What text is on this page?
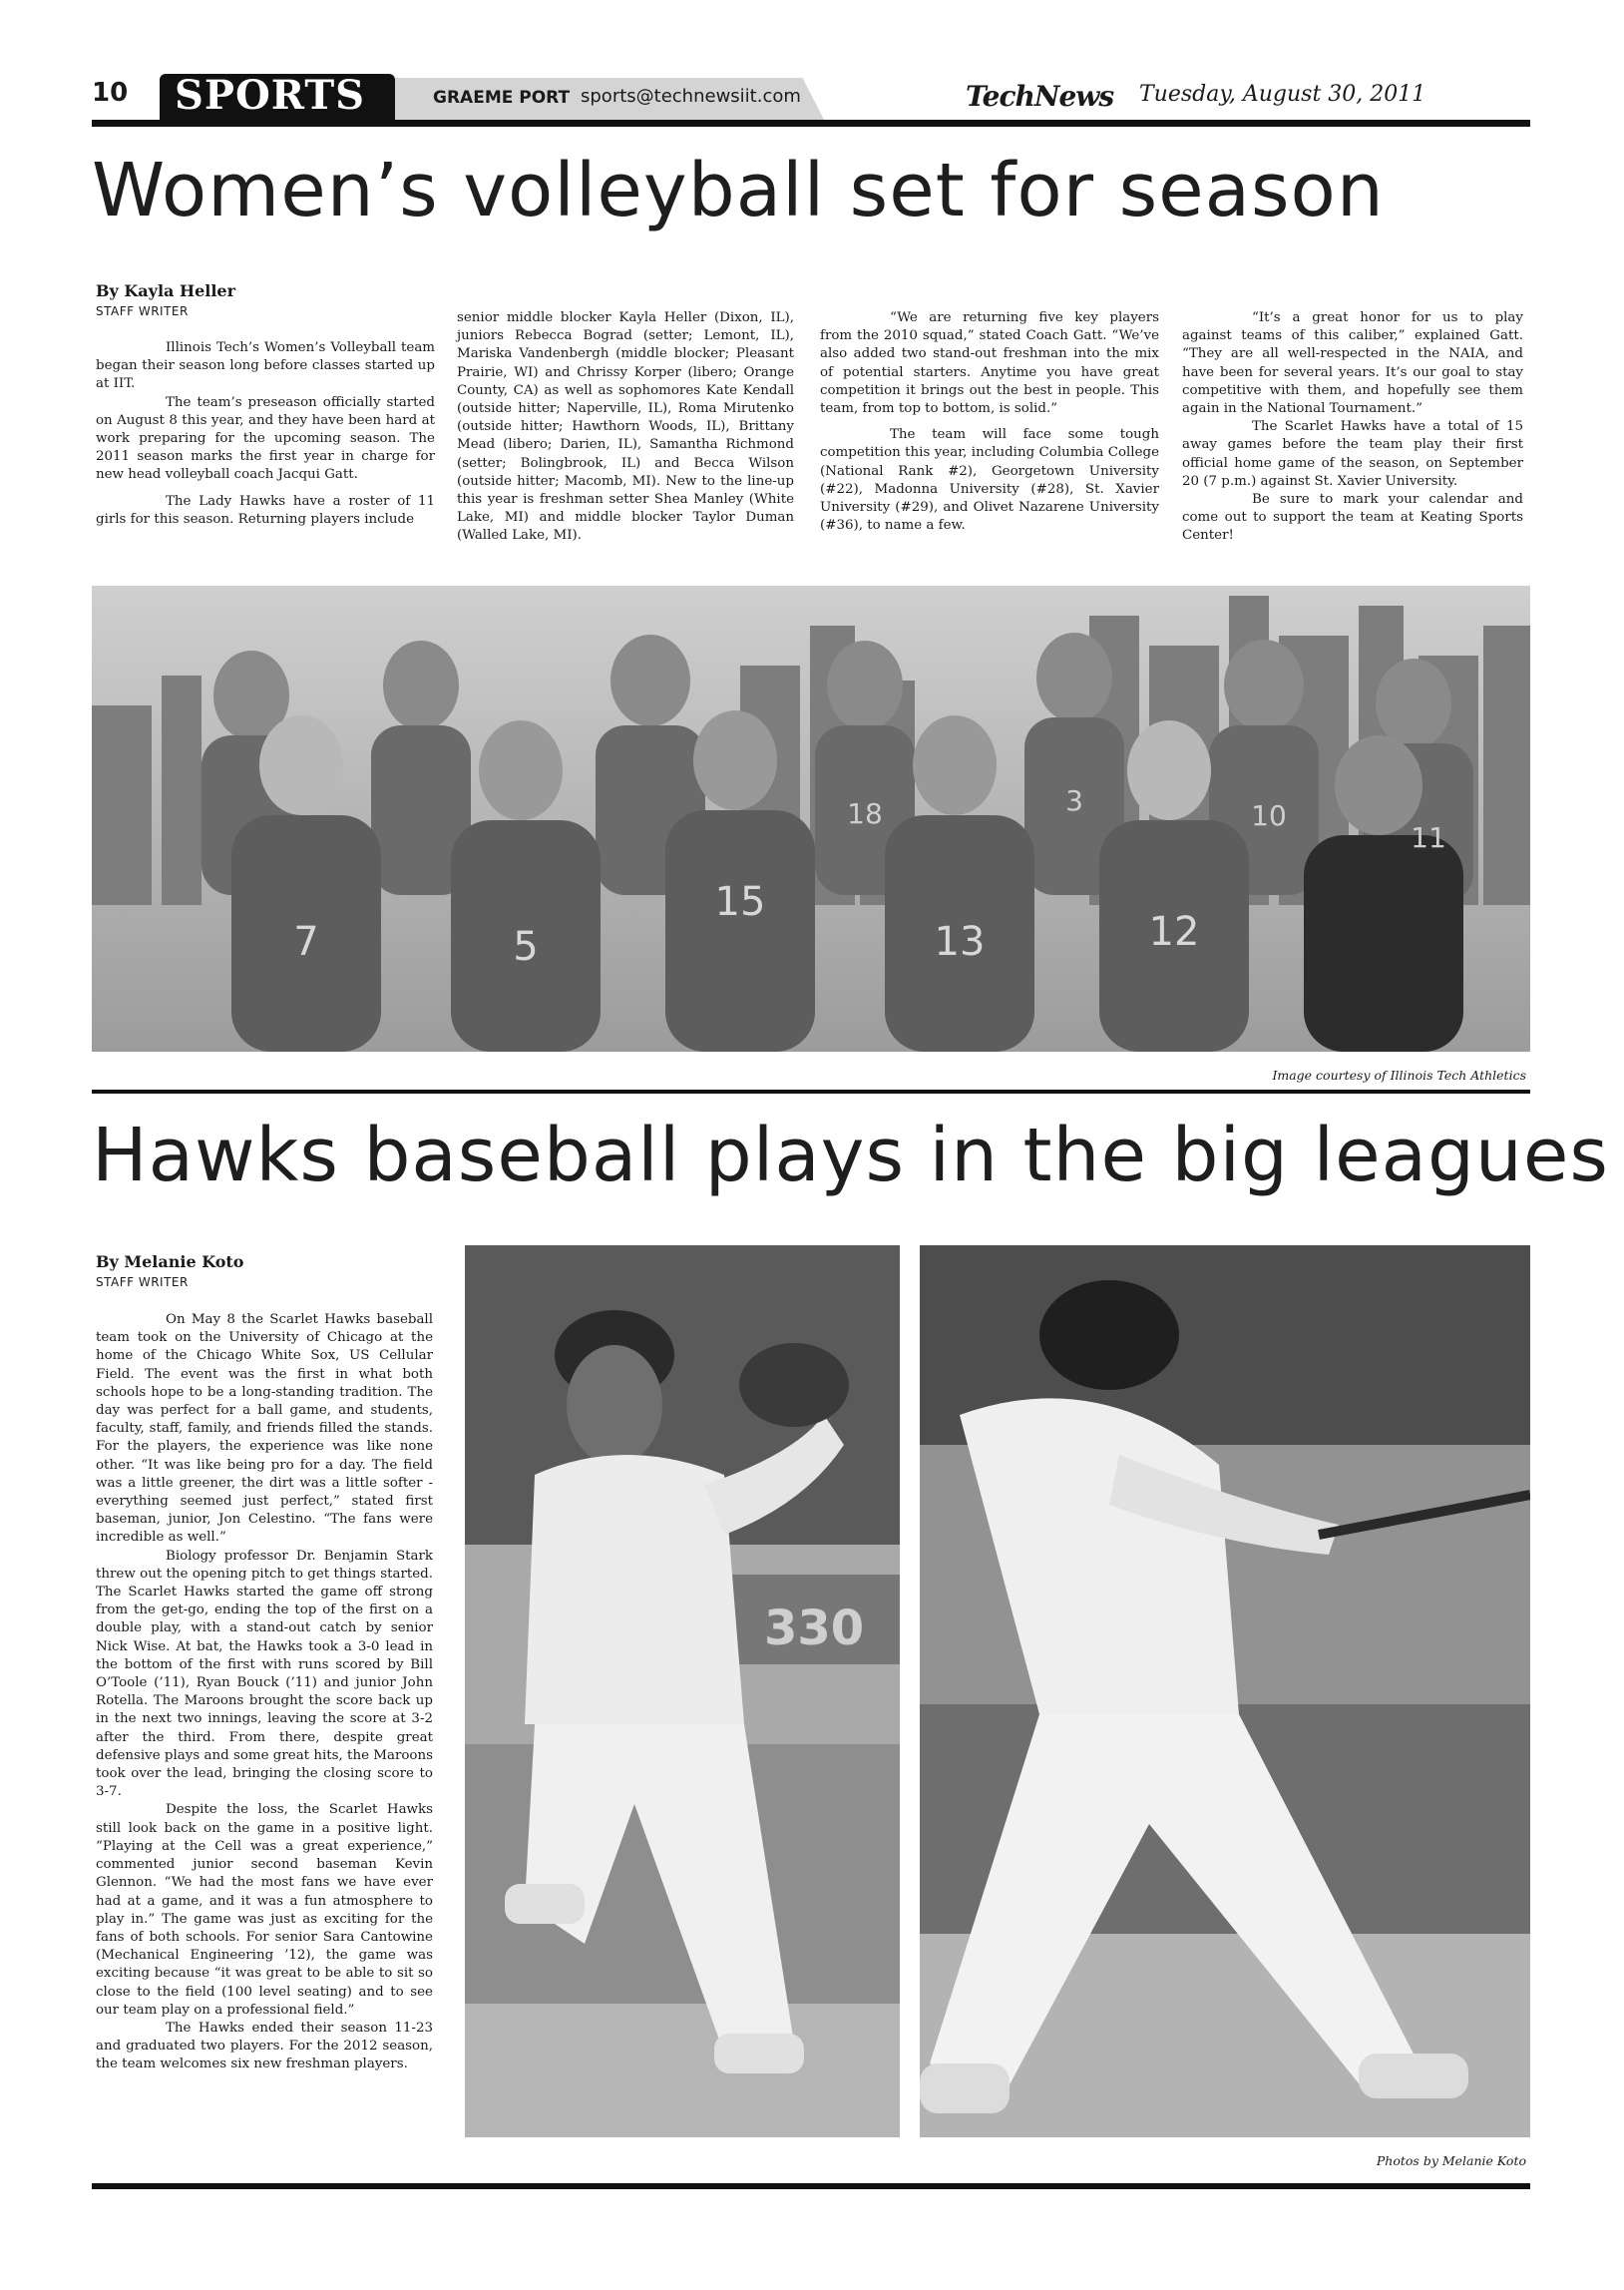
10 SPORTS	GRAEME PORT sports@technewsiit.com	TechNews Tuesday, August 30, 2011
Women’s volleyball set for season
By Kayla Heller
STAFF WRITER

Illinois Tech’s Women’s Volleyball team began their season long before classes started up at IIT.

The team’s preseason officially started on August 8 this year, and they have been hard at work preparing for the upcoming season. The 2011 season marks the first year in charge for new head volleyball coach Jacqui Gatt.

The Lady Hawks have a roster of 11 girls for this season. Returning players include

senior middle blocker Kayla Heller (Dixon, IL), juniors Rebecca Bograd (setter; Lemont, IL), Mariska Vandenbergh (middle blocker; Pleasant Prairie, WI) and Chrissy Korper (libero; Orange County, CA) as well as sophomores Kate Kendall (outside hitter; Naperville, IL), Roma Mirutenko (outside hitter; Hawthorn Woods, IL), Brittany Mead (libero; Darien, IL), Samantha Richmond (setter; Bolingbrook, IL) and Becca Wilson (outside hitter; Macomb, MI). New to the line-up this year is freshman setter Shea Manley (White Lake, MI) and middle blocker Taylor Duman (Walled Lake, MI).

“We are returning five key players from the 2010 squad,” stated Coach Gatt. “We’ve also added two stand-out freshman into the mix of potential starters. Anytime you have great competition it brings out the best in people. This team, from top to bottom, is solid.”

The team will face some tough competition this year, including Columbia College (National Rank #2), Georgetown University (#22), Madonna University (#28), St. Xavier University (#29), and Olivet Nazarene University (#36), to name a few.

“It’s a great honor for us to play against teams of this caliber,” explained Gatt. “They are all well-respected in the NAIA, and have been for several years. It’s our goal to stay competitive with them, and hopefully see them again in the National Tournament.”

The Scarlet Hawks have a total of 15 away games before the team play their first official home game of the season, on September 20 (7 p.m.) against St. Xavier University.

Be sure to mark your calendar and come out to support the team at Keating Sports Center!

7	5
15
13	12
18	3	10
11
Image courtesy of Illinois Tech Athletics
Hawks baseball plays in the big leagues
By Melanie Koto
STAFF WRITER

On May 8 the Scarlet Hawks baseball team took on the University of Chicago at the home of the Chicago White Sox, US Cellular Field. The event was the first in what both schools hope to be a long-standing tradition. The day was perfect for a ball game, and students, faculty, staff, family, and friends filled the stands. For the players, the experience was like none other. “It was like being pro for a day. The field was a little greener, the dirt was a little softer - everything seemed just perfect,” stated first baseman, junior, Jon Celestino. “The fans were incredible as well.”

Biology professor Dr. Benjamin Stark threw out the opening pitch to get things started. The Scarlet Hawks started the game off strong from the get-go, ending the top of the first on a double play, with a stand-out catch by senior Nick Wise. At bat, the Hawks took a 3-0 lead in the bottom of the first with runs scored by Bill O’Toole (’11), Ryan Bouck (’11) and junior John Rotella. The Maroons brought the score back up in the next two innings, leaving the score at 3-2 after the third. From there, despite great defensive plays and some great hits, the Maroons took over the lead, bringing the closing score to 3-7.

Despite the loss, the Scarlet Hawks still look back on the game in a positive light. “Playing at the Cell was a great experience,” commented junior second baseman Kevin Glennon. “We had the most fans we have ever had at a game, and it was a fun atmosphere to play in.” The game was just as exciting for the fans of both schools. For senior Sara Cantowine (Mechanical Engineering ’12), the game was exciting because “it was great to be able to sit so close to the field (100 level seating) and to see our team play on a professional field.”

The Hawks ended their season 11-23 and graduated two players. For the 2012 season, the team welcomes six new freshman players.

330
Photos by Melanie Koto
